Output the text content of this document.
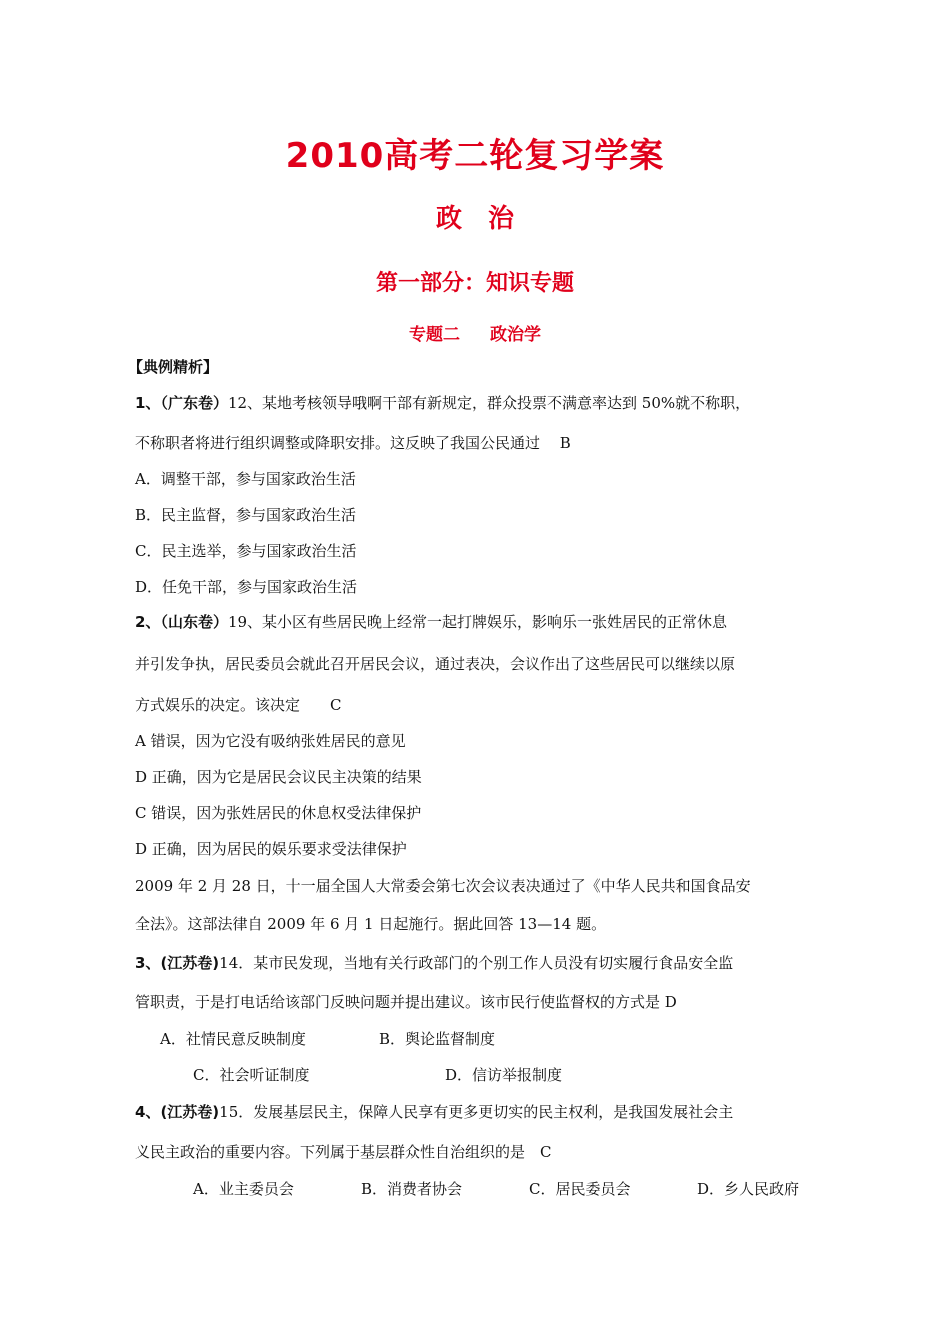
2010高考二轮复习学案
政 治
第一部分：知识专题
专题二 政治学
【典例精析】
1、（广东卷）12、某地考核领导哦啊干部有新规定，群众投票不满意率达到 50%就不称职，
不称职者将进行组织调整或降职安排。这反映了我国公民通过　 B
A．调整干部，参与国家政治生活
B．民主监督，参与国家政治生活
C．民主选举，参与国家政治生活
D．任免干部，参与国家政治生活
2、（山东卷）19、某小区有些居民晚上经常一起打牌娱乐，影响乐一张姓居民的正常休息
并引发争执，居民委员会就此召开居民会议，通过表决，会议作出了这些居民可以继续以原
方式娱乐的决定。该决定　　C
A 错误，因为它没有吸纳张姓居民的意见
D 正确，因为它是居民会议民主决策的结果
C 错误，因为张姓居民的休息权受法律保护
D 正确，因为居民的娱乐要求受法律保护
2009 年 2 月 28 日，十一届全国人大常委会第七次会议表决通过了《中华人民共和国食品安
全法》。这部法律自 2009 年 6 月 1 日起施行。据此回答 13—14 题。
3、(江苏卷)14．某市民发现，当地有关行政部门的个别工作人员没有切实履行食品安全监
管职责，于是打电话给该部门反映问题并提出建议。该市民行使监督权的方式是 D
A．社情民意反映制度	B．舆论监督制度
C．社会听证制度	D．信访举报制度
4、(江苏卷)15．发展基层民主，保障人民享有更多更切实的民主权利，是我国发展社会主
义民主政治的重要内容。下列属于基层群众性自治组织的是　C
A．业主委员会	B．消费者协会	C．居民委员会	D．乡人民政府
